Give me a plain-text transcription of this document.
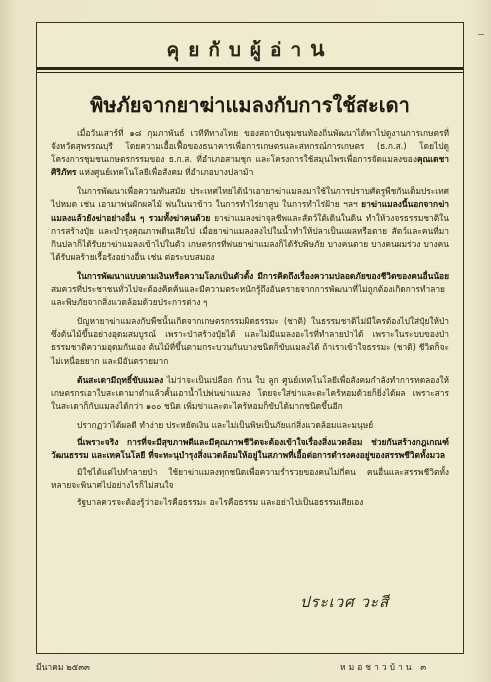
คุยกับผู้อ่าน
พิษภัยจากยาฆ่าแมลงกับการใช้สะเดา

เมื่อวันเสาร์ที่ ๑๘ กุมภาพันธ์ เวทีทีทางไทย ของสถาบันชุมชนท้องถิ่นพัฒนาได้พาไปดูงานการเกษตรที่จังหวัดสุพรรณบุรี โดยความเอื้อเฟื้อของธนาคารเพื่อการเกษตรและสหกรณ์การเกษตร (ธ.ก.ส.) โดยไปดูโครงการชุมชนเกษตรกรรมของ ธ.ก.ส. ที่อำเภอสามชุก และโครงการใช้สมุนไพรเพื่อการจัดแมลงของคุณเดชา ศิริภัทร แห่งศูนย์เทคโนโลยีเพื่อสังคม ที่อำเภอบางปลาม้า

ในการพัฒนาเพื่อความทันสมัย ประเทศไทยได้นำเอายาฆ่าแมลงมาใช้ในการปราบศัตรูพืชกันเต็มประเทศไปหมด เช่น เอามาพ่นผักผลไม้ พ่นในนาข้าว ในการทำไร่ยาสูบ ในการทำไร่ฝ้าย ฯลฯ ยาฆ่าแมลงนี้นอกจากฆ่าแมลงแล้วยังฆ่าอย่างอื่น ๆ รวมทั้งฆ่าคนด้วย ยาฆ่าแมลงฆ่าจุลชีพและสัตว์ใต้เดินในดิน ทำให้วงจรธรรมชาติในการสร้างปุ๋ย และบำรุงคุณภาพดินเสียไป เมื่อยาฆ่าแมลงลงไปในน้ำทำให้ปลาเป็นแผลหรือตาย สัตว์และคนที่มากินปลาก็ได้รับยาฆ่าแมลงเข้าไปในตัว เกษตรกรที่พ่นยาฆ่าแมลงก็ได้รับพิษภัย บางคนตาย บางคนผมร่วง บางคนได้รับผลร้ายเรื้อรังอย่างอื่น เช่น ต่อระบบสมอง

ในการพัฒนาแบบตามเงินหรือความโลภเป็นตัวตั้ง มีการคิดถึงเรื่องความปลอดภัยของชีวิตของคนอื่นน้อย สมควรที่ประชาชนทั่วไปจะต้องคิดค้นและมีความตระหนักรู้ถึงอันตรายจากการพัฒนาที่ไม่ถูกต้องเกิดการทำลาย และพิษภัยจากสิ่งแวดล้อมด้วยประการต่าง ๆ

ปัญหายาฆ่าแมลงกับพืชนั้นเกิดจากเกษตรกรรมผิดธรรมะ (ชาติ) ในธรรมชาติไม่มีใครต้องไปใส่ปุ๋ยให้ป่าซึ่งต้นไม้ขึ้นอย่างอุดมสมบูรณ์ เพราะป่าสร้างปุ๋ยได้ และไม่มีแมลงอะไรที่ทำลายป่าได้ เพราะในระบบของป่าธรรมชาติความอุดมกันเอง ต้นไม้ที่ขึ้นตามกระบวนกันบางชนิดก็ขับแมลงได้ ถ้าเราเข้าใจธรรมะ (ชาติ) ชีวิตก็จะไม่เหนื่อยยาก และมีอันตรายมาก

ต้นสะเดามีฤทธิ์ขับแมลง ไม่ว่าจะเป็นเปลือก ก้าน ใบ ลูก ศูนย์เทคโนโลยีเพื่อสังคมกำลังทำการทดลองให้เกษตรกรเอาใบสะเดามาตำแล้วคั้นเอาน้ำไปพ่นฆ่าแมลง โดยจะใส่ข่าและตะไคร้หอมด้วยก็ยิ่งได้ผล เพราะสารในสะเดาก็กับแมลงได้กว่า ๑๐๐ ชนิด เพิ่มข่าและตะไคร้หอมก็ขับได้มากชนิดขึ้นอีก

ปรากฏว่าได้ผลดี ทำง่าย ประหยัดเงิน และไม่เป็นพิษเป็นภัยแก่สิ่งแวดล้อมและมนุษย์

นี่เพราะจริง การที่จะมีสุขภาพดีและมีคุณภาพชีวิตจะต้องเข้าใจเรื่องสิ่งแวดล้อม ช่วยกันสร้างกฎเกณฑ์ วัฒนธรรม และเทคโนโลยี ที่จะทะนุบำรุงสิ่งแวดล้อมให้อยู่ในสภาพที่เอื้อต่อการดำรงคงอยู่ของสรรพชีวิตทั้งมวล

มิใช่ได้แต่ไปทำลายป่า ใช้ยาฆ่าแมลงทุกชนิดเพื่อความร่ำรวยของคนไม่กี่คน คนอื่นและสรรพชีวิตทั้งหลายจะพินาศไปอย่างไรก็ไม่สนใจ

รัฐบาลควรจะต้องรู้ว่าอะไรคือธรรมะ อะไรคือธรรม และอย่าไปเป็นอธรรมเสียเอง

ประเวศ วะสี
มีนาคม ๒๕๓๓	หมอชาวบ้าน ๓
